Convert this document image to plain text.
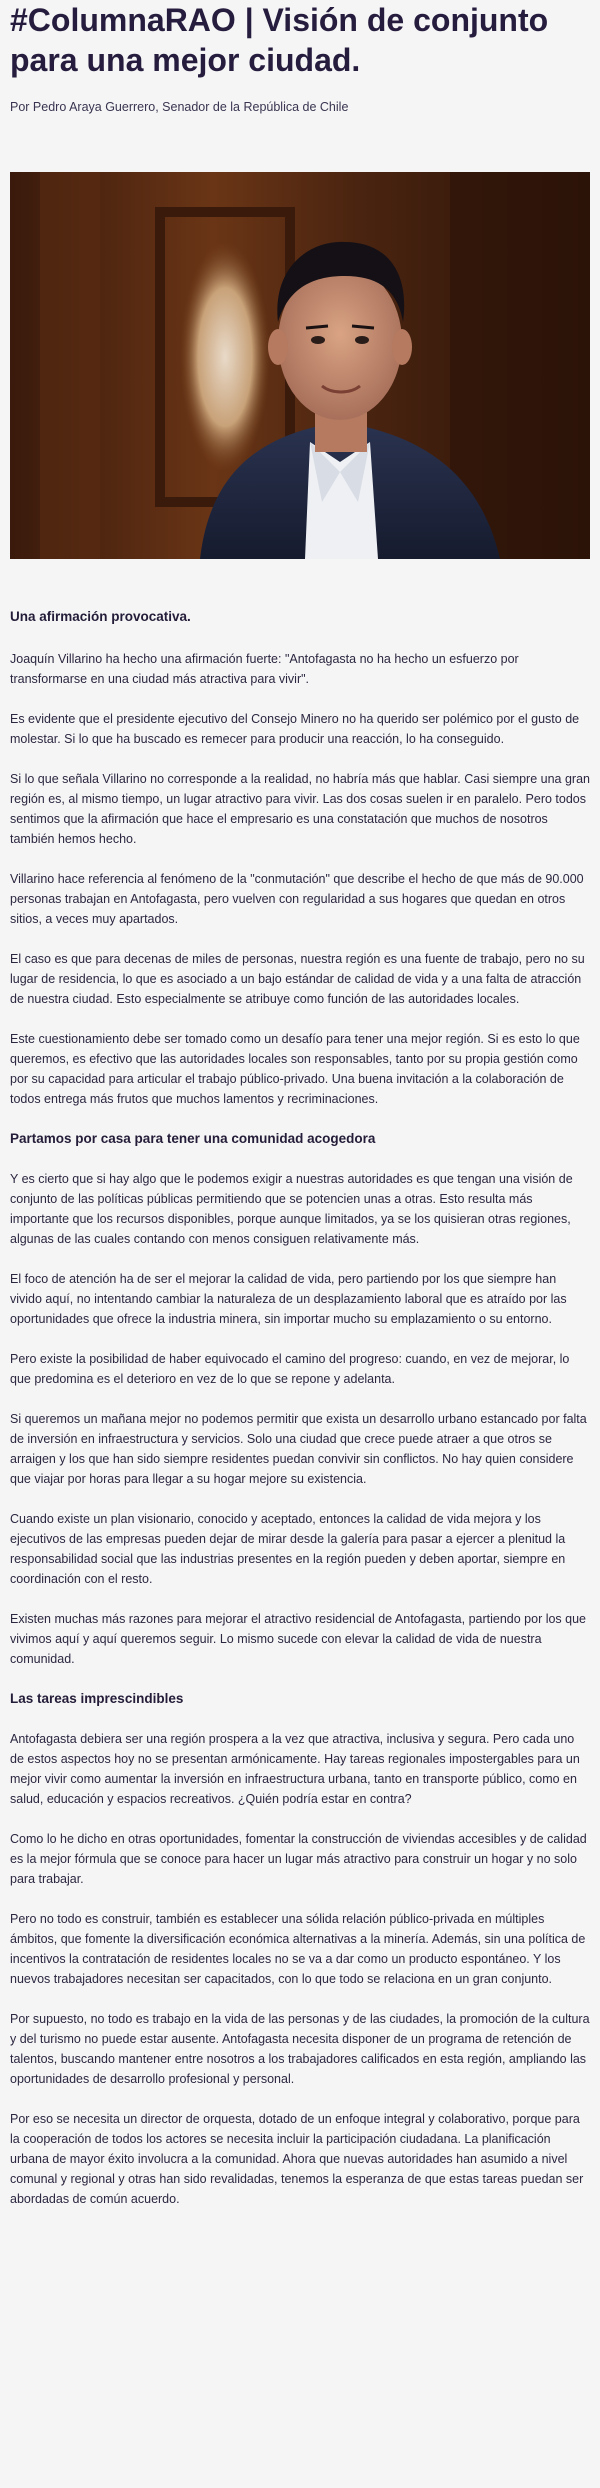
#ColumnaRAO | Visión de conjunto para una mejor ciudad.

Por Pedro Araya Guerrero, Senador de la República de Chile

Una afirmación provocativa.

Joaquín Villarino ha hecho una afirmación fuerte: "Antofagasta no ha hecho un esfuerzo por transformarse en una ciudad más atractiva para vivir".

Es evidente que el presidente ejecutivo del Consejo Minero no ha querido ser polémico por el gusto de molestar. Si lo que ha buscado es remecer para producir una reacción, lo ha conseguido.

Si lo que señala Villarino no corresponde a la realidad, no habría más que hablar. Casi siempre una gran región es, al mismo tiempo, un lugar atractivo para vivir. Las dos cosas suelen ir en paralelo. Pero todos sentimos que la afirmación que hace el empresario es una constatación que muchos de nosotros también hemos hecho.

Villarino hace referencia al fenómeno de la "conmutación" que describe el hecho de que más de 90.000 personas trabajan en Antofagasta, pero vuelven con regularidad a sus hogares que quedan en otros sitios, a veces muy apartados.

El caso es que para decenas de miles de personas, nuestra región es una fuente de trabajo, pero no su lugar de residencia, lo que es asociado a un bajo estándar de calidad de vida y a una falta de atracción de nuestra ciudad. Esto especialmente se atribuye como función de las autoridades locales.

Este cuestionamiento debe ser tomado como un desafío para tener una mejor región. Si es esto lo que queremos, es efectivo que las autoridades locales son responsables, tanto por su propia gestión como por su capacidad para articular el trabajo público-privado. Una buena invitación a la colaboración de todos entrega más frutos que muchos lamentos y recriminaciones.

Partamos por casa para tener una comunidad acogedora

Y es cierto que si hay algo que le podemos exigir a nuestras autoridades es que tengan una visión de conjunto de las políticas públicas permitiendo que se potencien unas a otras. Esto resulta más importante que los recursos disponibles, porque aunque limitados, ya se los quisieran otras regiones, algunas de las cuales contando con menos consiguen relativamente más.

El foco de atención ha de ser el mejorar la calidad de vida, pero partiendo por los que siempre han vivido aquí, no intentando cambiar la naturaleza de un desplazamiento laboral que es atraído por las oportunidades que ofrece la industria minera, sin importar mucho su emplazamiento o su entorno.

Pero existe la posibilidad de haber equivocado el camino del progreso: cuando, en vez de mejorar, lo que predomina es el deterioro en vez de lo que se repone y adelanta.

Si queremos un mañana mejor no podemos permitir que exista un desarrollo urbano estancado por falta de inversión en infraestructura y servicios. Solo una ciudad que crece puede atraer a que otros se arraigen y los que han sido siempre residentes puedan convivir sin conflictos. No hay quien considere que viajar por horas para llegar a su hogar mejore su existencia.

Cuando existe un plan visionario, conocido y aceptado, entonces la calidad de vida mejora y los ejecutivos de las empresas pueden dejar de mirar desde la galería para pasar a ejercer a plenitud la responsabilidad social que las industrias presentes en la región pueden y deben aportar, siempre en coordinación con el resto.

Existen muchas más razones para mejorar el atractivo residencial de Antofagasta, partiendo por los que vivimos aquí y aquí queremos seguir. Lo mismo sucede con elevar la calidad de vida de nuestra comunidad.

Las tareas imprescindibles

Antofagasta debiera ser una región prospera a la vez que atractiva, inclusiva y segura. Pero cada uno de estos aspectos hoy no se presentan armónicamente. Hay tareas regionales impostergables para un mejor vivir como aumentar la inversión en infraestructura urbana, tanto en transporte público, como en salud, educación y espacios recreativos. ¿Quién podría estar en contra?

Como lo he dicho en otras oportunidades, fomentar la construcción de viviendas accesibles y de calidad es la mejor fórmula que se conoce para hacer un lugar más atractivo para construir un hogar y no solo para trabajar.

Pero no todo es construir, también es establecer una sólida relación público-privada en múltiples ámbitos, que fomente la diversificación económica alternativas a la minería. Además, sin una política de incentivos la contratación de residentes locales no se va a dar como un producto espontáneo. Y los nuevos trabajadores necesitan ser capacitados, con lo que todo se relaciona en un gran conjunto.

Por supuesto, no todo es trabajo en la vida de las personas y de las ciudades, la promoción de la cultura y del turismo no puede estar ausente. Antofagasta necesita disponer de un programa de retención de talentos, buscando mantener entre nosotros a los trabajadores calificados en esta región, ampliando las oportunidades de desarrollo profesional y personal.

Por eso se necesita un director de orquesta, dotado de un enfoque integral y colaborativo, porque para la cooperación de todos los actores se necesita incluir la participación ciudadana. La planificación urbana de mayor éxito involucra a la comunidad. Ahora que nuevas autoridades han asumido a nivel comunal y regional y otras han sido revalidadas, tenemos la esperanza de que estas tareas puedan ser abordadas de común acuerdo.
